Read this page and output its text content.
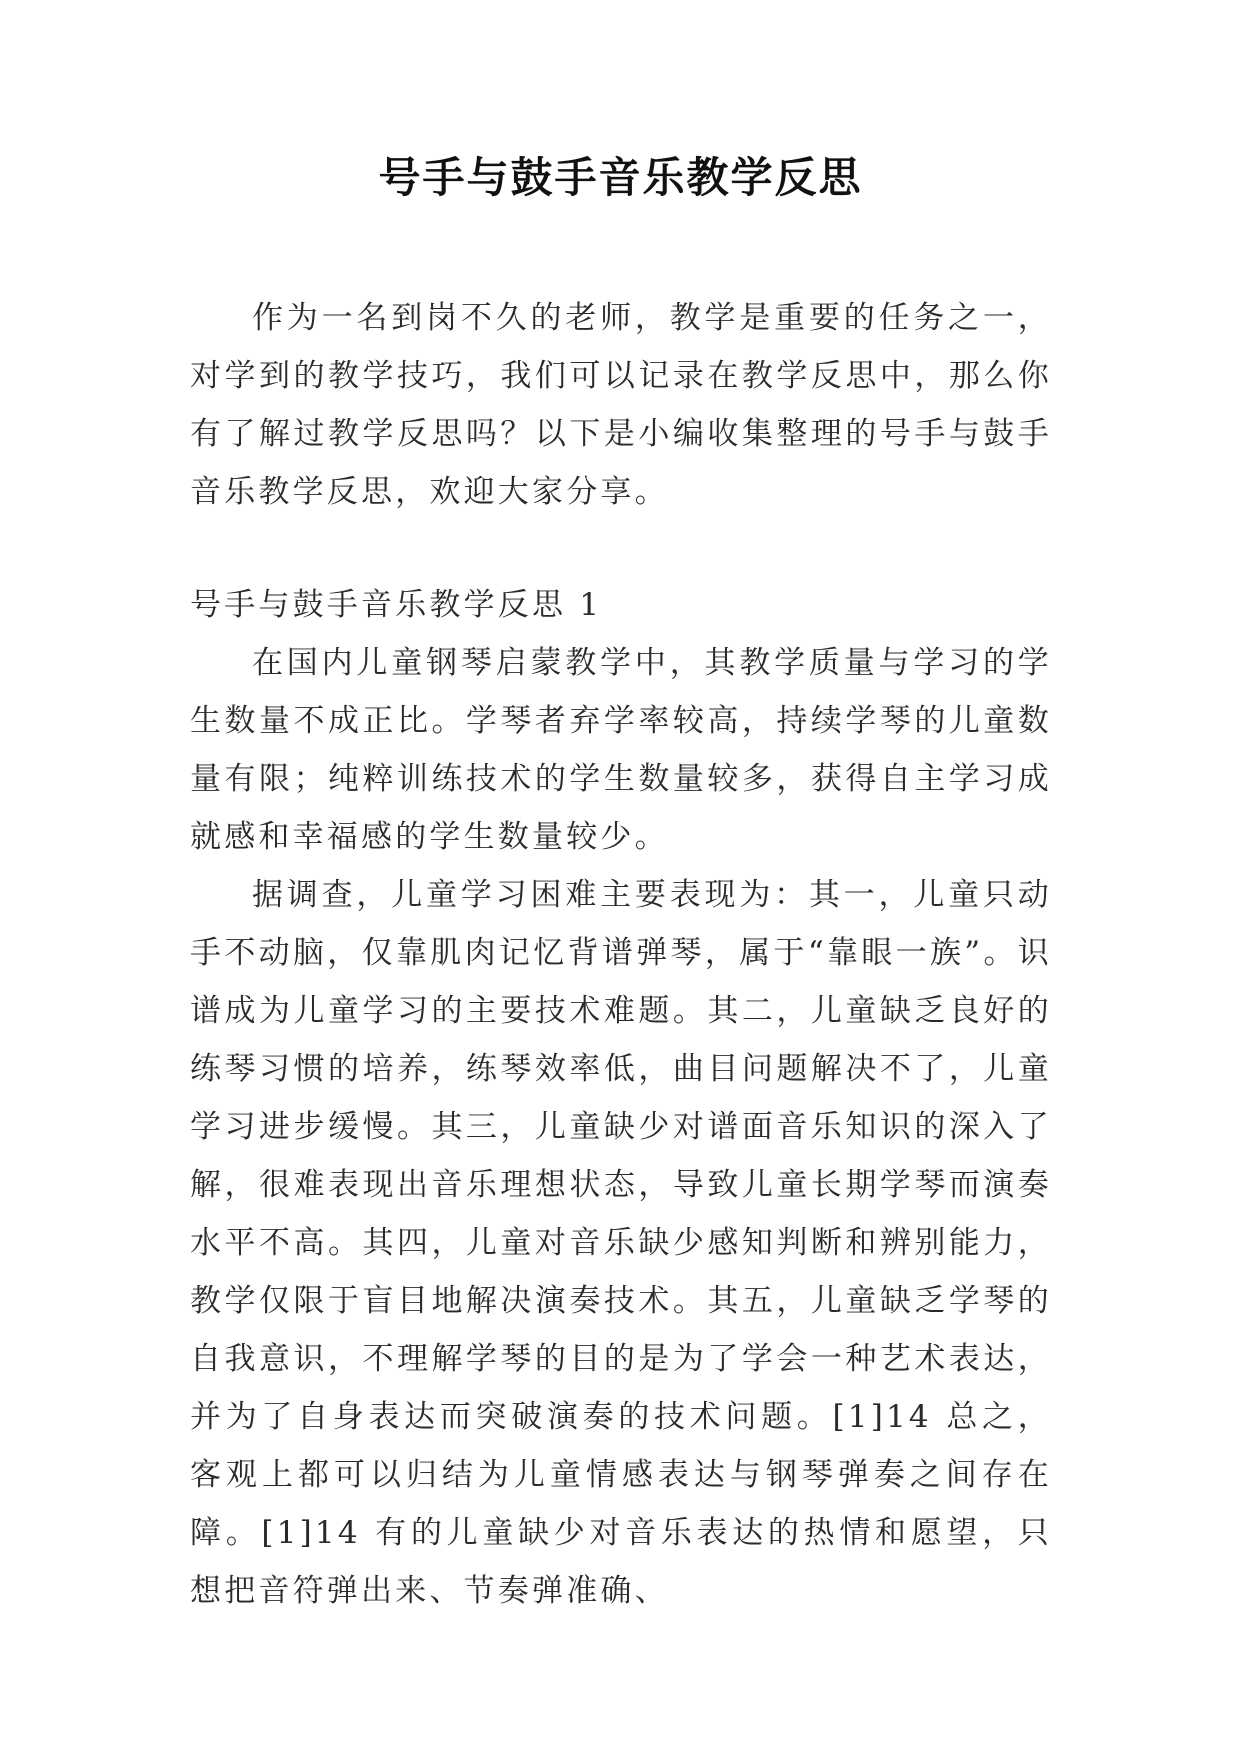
号手与鼓手音乐教学反思

作为一名到岗不久的老师，教学是重要的任务之一，对学到的教学技巧，我们可以记录在教学反思中，那么你有了解过教学反思吗？以下是小编收集整理的号手与鼓手音乐教学反思，欢迎大家分享。

号手与鼓手音乐教学反思 1

在国内儿童钢琴启蒙教学中，其教学质量与学习的学生数量不成正比。学琴者弃学率较高，持续学琴的儿童数量有限；纯粹训练技术的学生数量较多，获得自主学习成就感和幸福感的学生数量较少。

据调查，儿童学习困难主要表现为：其一，儿童只动手不动脑，仅靠肌肉记忆背谱弹琴，属于“靠眼一族”。识谱成为儿童学习的主要技术难题。其二，儿童缺乏良好的练琴习惯的培养，练琴效率低，曲目问题解决不了，儿童学习进步缓慢。其三，儿童缺少对谱面音乐知识的深入了解，很难表现出音乐理想状态，导致儿童长期学琴而演奏水平不高。其四，儿童对音乐缺少感知判断和辨别能力，教学仅限于盲目地解决演奏技术。其五，儿童缺乏学琴的自我意识，不理解学琴的目的是为了学会一种艺术表达，并为了自身表达而突破演奏的技术问题。[1]14 总之，客观上都可以归结为儿童情感表达与钢琴弹奏之间存在障。[1]14 有的儿童缺少对音乐表达的热情和愿望，只想把音符弹出来、节奏弹准确、
